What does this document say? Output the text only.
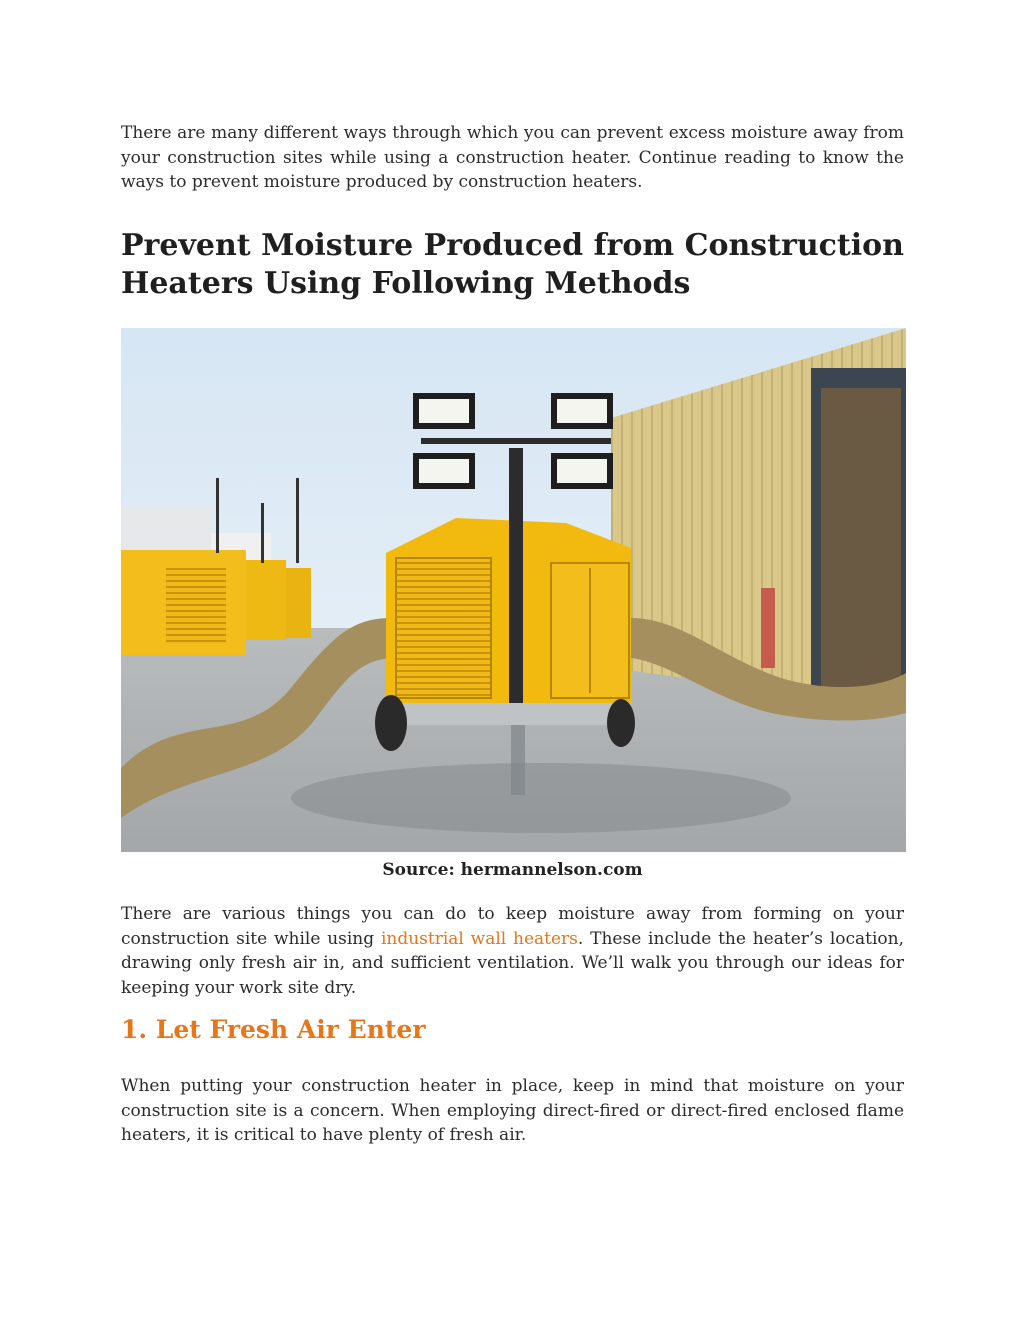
There are many different ways through which you can prevent excess moisture away from your construction sites while using a construction heater. Continue reading to know the ways to prevent moisture produced by construction heaters.

Prevent Moisture Produced from Construction Heaters Using Following Methods

Source: hermannelson.com

There are various things you can do to keep moisture away from forming on your construction site while using industrial wall heaters. These include the heater’s location, drawing only fresh air in, and sufficient ventilation. We’ll walk you through our ideas for keeping your work site dry.

1. Let Fresh Air Enter

When putting your construction heater in place, keep in mind that moisture on your construction site is a concern. When employing direct-fired or direct-fired enclosed flame heaters, it is critical to have plenty of fresh air.
